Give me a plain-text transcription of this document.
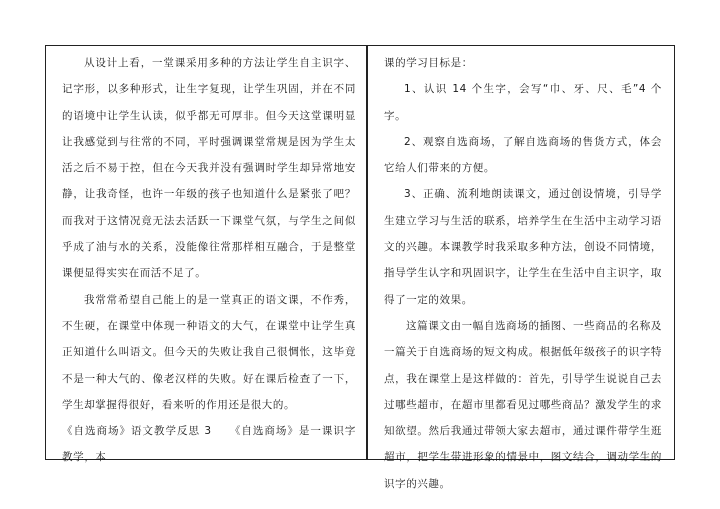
从设计上看，一堂课采用多种的方法让学生自主识字、记字形，以多种形式，让生字复现，让学生巩固，并在不同的语境中让学生认读，似乎都无可厚非。但今天这堂课明显让我感觉到与往常的不同，平时强调课堂常规是因为学生太活之后不易于控，但在今天我并没有强调时学生却异常地安静，让我奇怪，也许一年级的孩子也知道什么是紧张了吧？而我对于这情况竟无法去活跃一下课堂气氛，与学生之间似乎成了油与水的关系，没能像往常那样相互融合，于是整堂课便显得实实在而活不足了。

我常常希望自己能上的是一堂真正的语文课，不作秀，不生硬，在课堂中体现一种语文的大气，在课堂中让学生真正知道什么叫语文。但今天的失败让我自己很惆怅，这毕竟不是一种大气的、像老汉样的失败。好在课后检查了一下，学生却掌握得很好，看来听的作用还是很大的。

《自选商场》语文教学反思 3　　《自选商场》是一课识字教学，本

课的学习目标是：

1、认识 14 个生字，会写“巾、牙、尺、毛”4 个字。

2、观察自选商场，了解自选商场的售货方式，体会它给人们带来的方便。

3、正确、流利地朗读课文，通过创设情境，引导学生建立学习与生活的联系，培养学生在生活中主动学习语文的兴趣。本课教学时我采取多种方法，创设不同情境，指导学生认字和巩固识字，让学生在生活中自主识字，取得了一定的效果。

这篇课文由一幅自选商场的插图、一些商品的名称及一篇关于自选商场的短文构成。根据低年级孩子的识字特点，我在课堂上是这样做的：首先，引导学生说说自己去过哪些超市，在超市里都看见过哪些商品？激发学生的求知欲望。然后我通过带领大家去超市，通过课件带学生逛超市，把学生带进形象的情景中，图文结合，调动学生的识字的兴趣。
